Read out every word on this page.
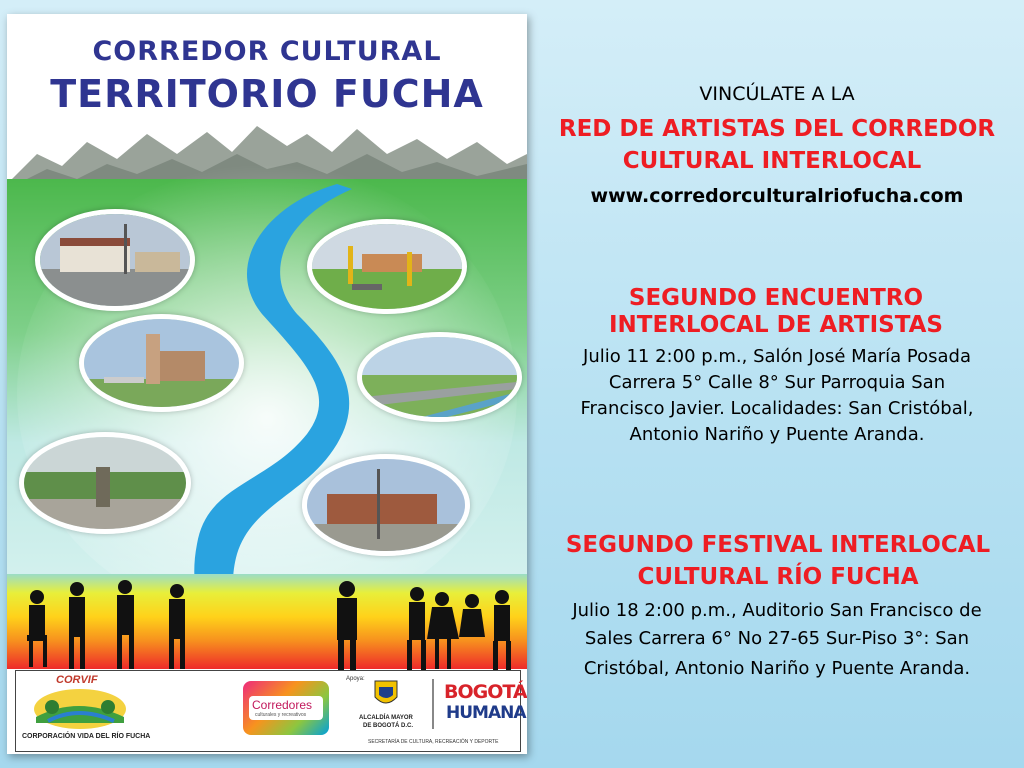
CORREDOR CULTURAL
TERRITORIO FUCHA
CORVIF
CORPORACIÓN VIDA DEL RÍO FUCHA
Corredores
culturales y recreativos
Apoya:
ALCALDÍA MAYOR
DE BOGOTÁ D.C.
BOGOTÁ
HUMANA
SECRETARÍA DE CULTURA, RECREACIÓN Y DEPORTE
VINCÚLATE A LA
RED DE ARTISTAS DEL CORREDOR
CULTURAL INTERLOCAL
www.corredorculturalriofucha.com
SEGUNDO ENCUENTRO
INTERLOCAL DE ARTISTAS
Julio 11 2:00 p.m., Salón José María Posada
Carrera 5° Calle 8° Sur Parroquia San
Francisco Javier. Localidades: San Cristóbal,
Antonio Nariño y Puente Aranda.
SEGUNDO FESTIVAL INTERLOCAL
CULTURAL RÍO FUCHA
Julio 18 2:00 p.m., Auditorio San Francisco de
Sales Carrera 6° No 27-65 Sur-Piso 3°: San
Cristóbal, Antonio Nariño y Puente Aranda.
